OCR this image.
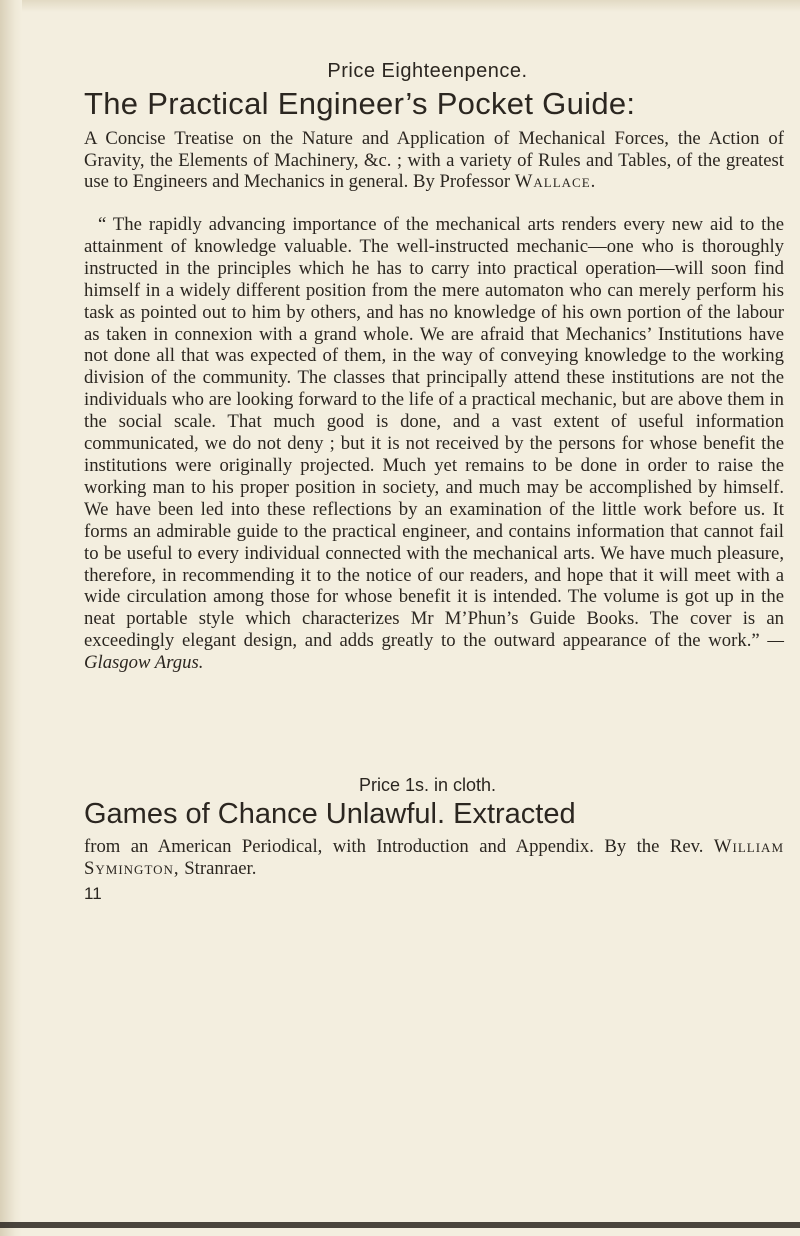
Price Eighteenpence.
The Practical Engineer’s Pocket Guide:
A Concise Treatise on the Nature and Application of Mechanical Forces, the Action of Gravity, the Elements of Machinery, &c. ; with a variety of Rules and Tables, of the greatest use to Engineers and Mechanics in general. By Professor Wallace.
“ The rapidly advancing importance of the mechanical arts renders every new aid to the attainment of knowledge valuable. The well-instructed mechanic—one who is thoroughly instructed in the principles which he has to carry into practical operation—will soon find himself in a widely different position from the mere automaton who can merely perform his task as pointed out to him by others, and has no knowledge of his own portion of the labour as taken in connexion with a grand whole. We are afraid that Mechanics’ Institutions have not done all that was expected of them, in the way of conveying knowledge to the working division of the community. The classes that principally attend these institutions are not the individuals who are looking forward to the life of a practical mechanic, but are above them in the social scale. That much good is done, and a vast extent of useful information communicated, we do not deny ; but it is not received by the persons for whose benefit the institutions were originally projected. Much yet remains to be done in order to raise the working man to his proper position in society, and much may be accomplished by himself. We have been led into these reflections by an examination of the little work before us. It forms an admirable guide to the practical engineer, and contains information that cannot fail to be useful to every individual connected with the mechanical arts. We have much pleasure, therefore, in recommending it to the notice of our readers, and hope that it will meet with a wide circulation among those for whose benefit it is intended. The volume is got up in the neat portable style which characterizes Mr M’Phun’s Guide Books. The cover is an exceedingly elegant design, and adds greatly to the outward appearance of the work.” —Glasgow Argus.
Price 1s. in cloth.
Games of Chance Unlawful. Extracted
from an American Periodical, with Introduction and Appendix. By the Rev. William Symington, Stranraer.
11
